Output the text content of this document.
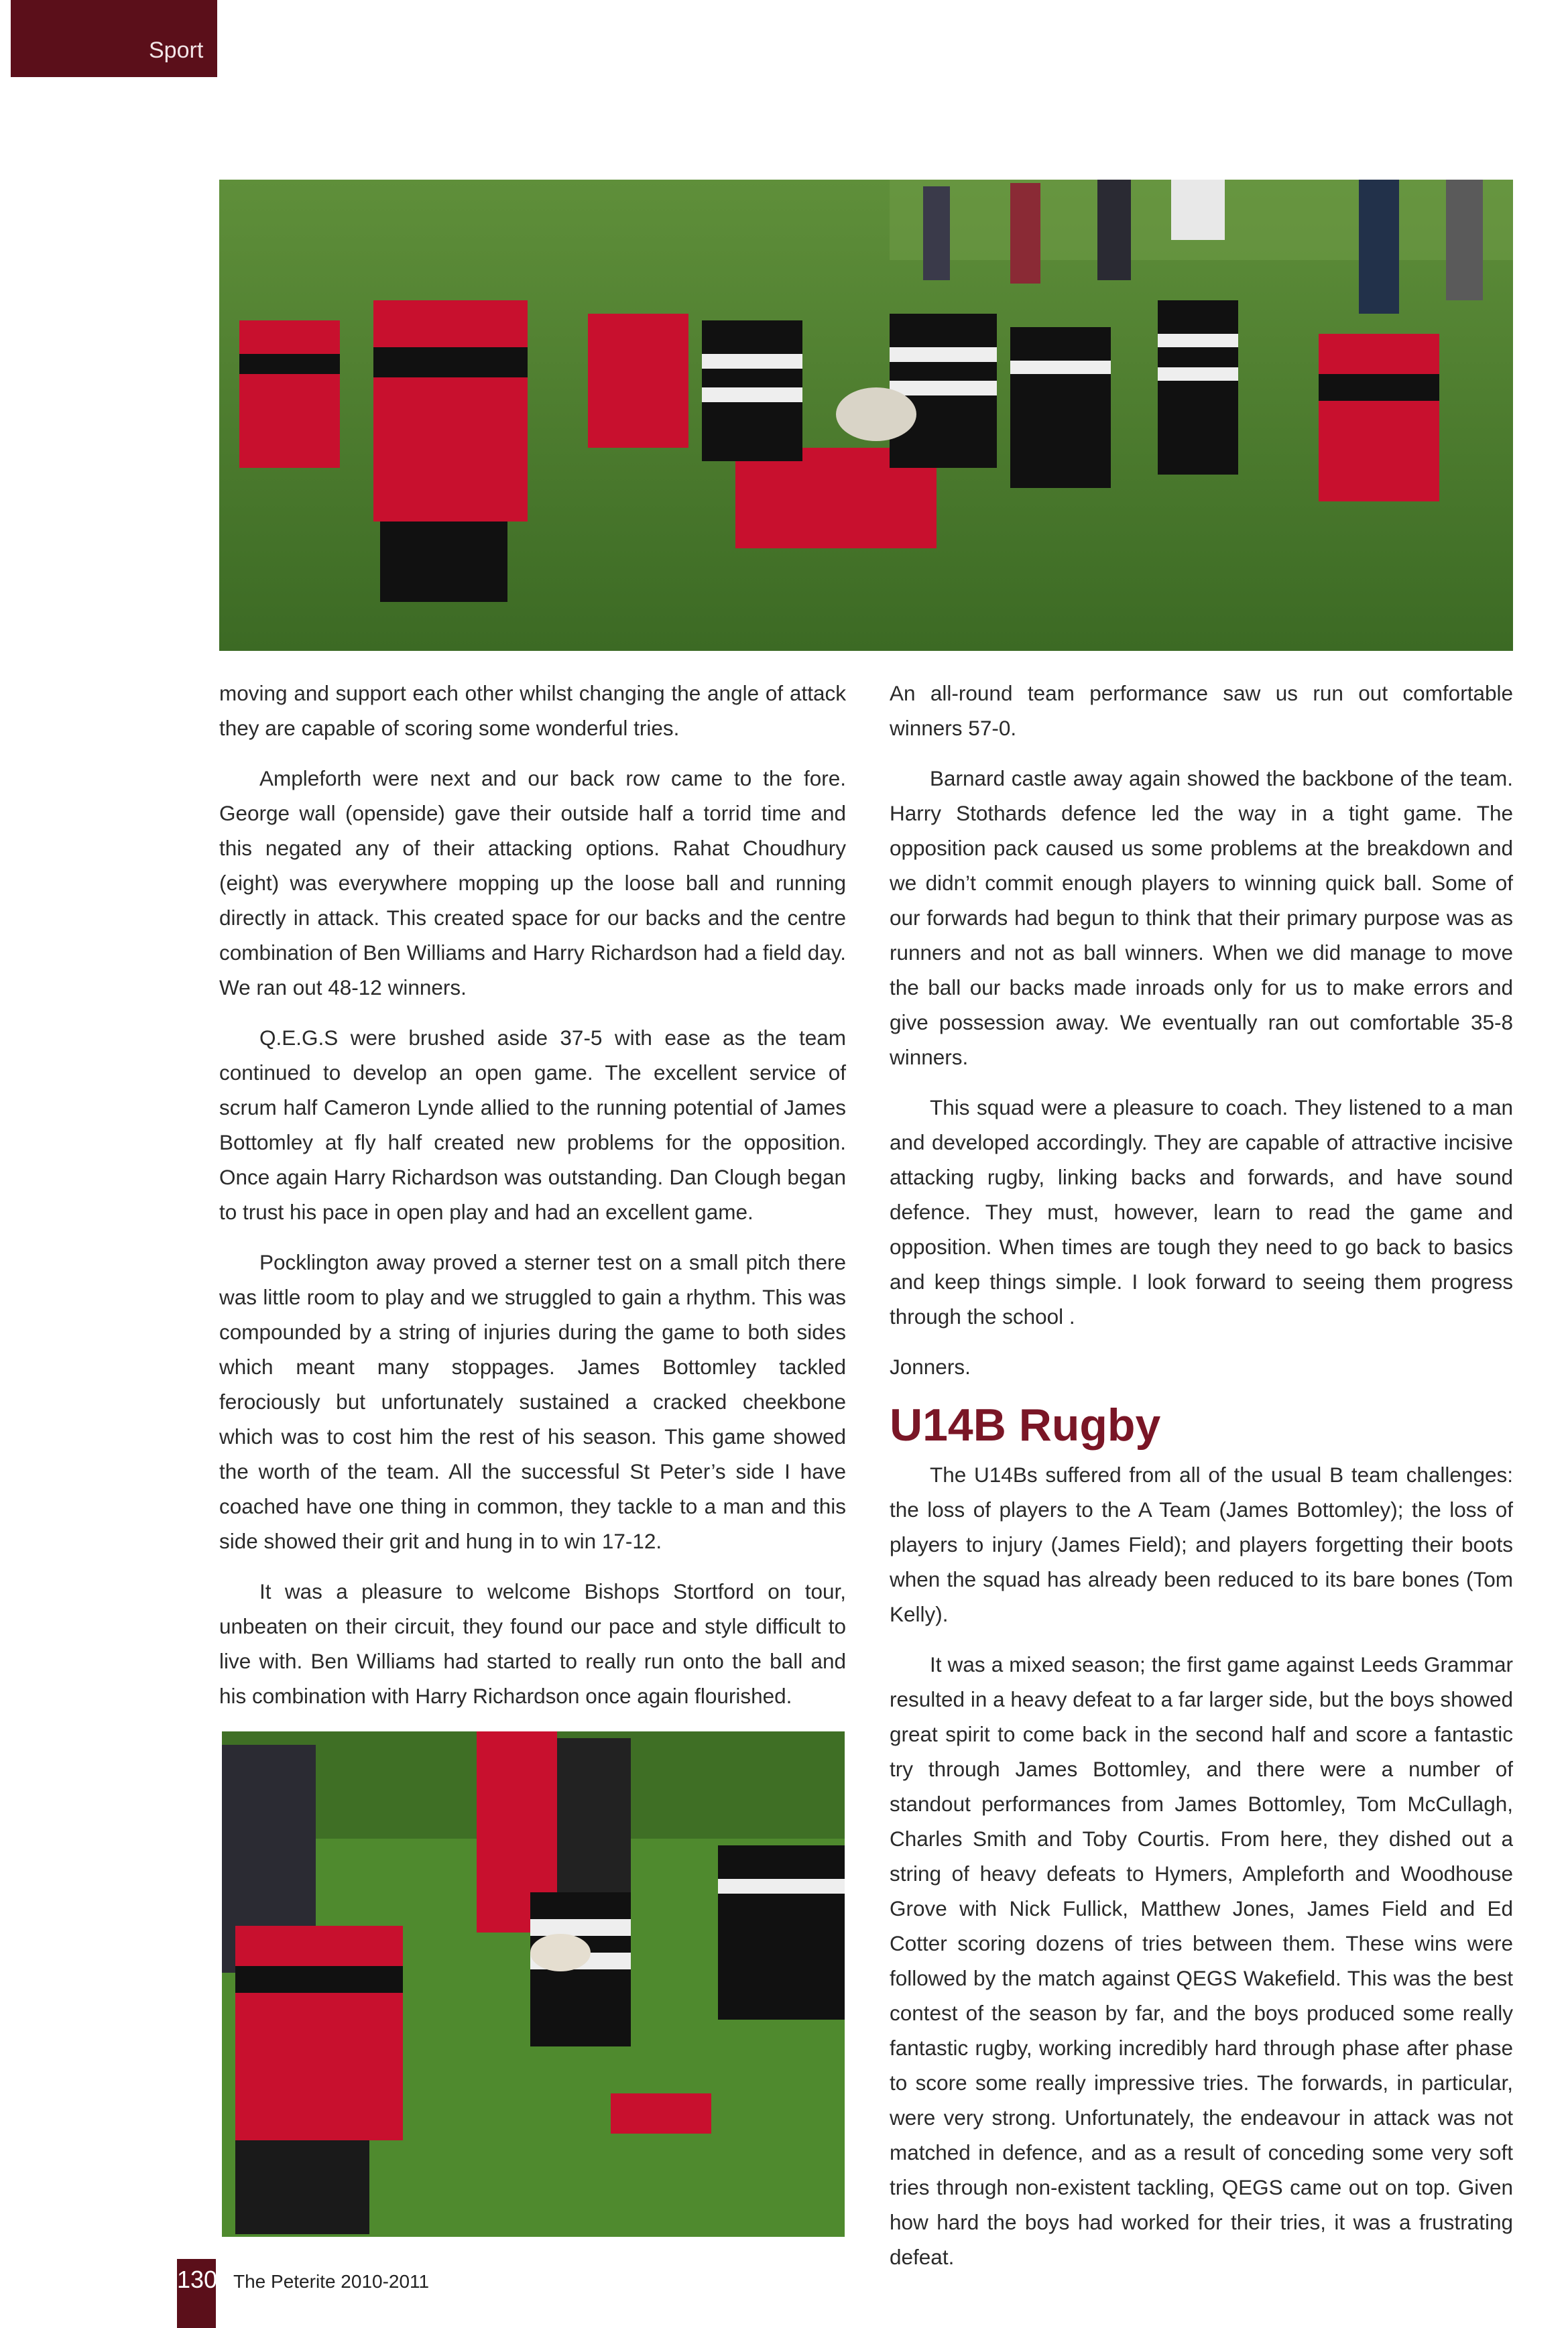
Sport

moving and support each other whilst changing the angle of attack they are capable of scoring some wonderful tries.

Ampleforth were next and our back row came to the fore. George wall (openside) gave their outside half a torrid time and this negated any of their attacking options. Rahat Choudhury (eight) was everywhere mopping up the loose ball and running directly in attack. This created space for our backs and the centre combination of Ben Williams and Harry Richardson had a field day. We ran out 48-12 winners.

Q.E.G.S were brushed aside 37-5 with ease as the team continued to develop an open game. The excellent service of scrum half Cameron Lynde allied to the running potential of James Bottomley at fly half created new problems for the opposition. Once again Harry Richardson was outstanding. Dan Clough began to trust his pace in open play and had an excellent game.

Pocklington away proved a sterner test on a small pitch there was little room to play and we struggled to gain a rhythm. This was compounded by a string of injuries during the game to both sides which meant many stoppages. James Bottomley tackled ferociously but unfortunately sustained a cracked cheekbone which was to cost him the rest of his season. This game showed the worth of the team. All the successful St Peter’s side I have coached have one thing in common, they tackle to a man and this side showed their grit and hung in to win 17-12.

It was a pleasure to welcome Bishops Stortford on tour, unbeaten on their circuit, they found our pace and style difficult to live with. Ben Williams had started to really run onto the ball and his combination with Harry Richardson once again flourished.

An all-round team performance saw us run out comfortable winners 57-0.

Barnard castle away again showed the backbone of the team. Harry Stothards defence led the way in a tight game. The opposition pack caused us some problems at the breakdown and we didn’t commit enough players to winning quick ball. Some of our forwards had begun to think that their primary purpose was as runners and not as ball winners. When we did manage to move the ball our backs made inroads only for us to make errors and give possession away. We eventually ran out comfortable 35-8 winners.

This squad were a pleasure to coach. They listened to a man and developed accordingly. They are capable of attractive incisive attacking rugby, linking backs and forwards, and have sound defence. They must, however, learn to read the game and opposition. When times are tough they need to go back to basics and keep things simple. I look forward to seeing them progress through the school .

Jonners.

U14B Rugby

The U14Bs suffered from all of the usual B team challenges: the loss of players to the A Team (James Bottomley); the loss of players to injury (James Field); and players forgetting their boots when the squad has already been reduced to its bare bones (Tom Kelly).

It was a mixed season; the first game against Leeds Grammar resulted in a heavy defeat to a far larger side, but the boys showed great spirit to come back in the second half and score a fantastic try through James Bottomley, and there were a number of standout performances from James Bottomley, Tom McCullagh, Charles Smith and Toby Courtis. From here, they dished out a string of heavy defeats to Hymers, Ampleforth and Woodhouse Grove with Nick Fullick, Matthew Jones, James Field and Ed Cotter scoring dozens of tries between them. These wins were followed by the match against QEGS Wakefield. This was the best contest of the season by far, and the boys produced some really fantastic rugby, working incredibly hard through phase after phase to score some really impressive tries. The forwards, in particular, were very strong. Unfortunately, the endeavour in attack was not matched in defence, and as a result of conceding some very soft tries through non-existent tackling, QEGS came out on top. Given how hard the boys had worked for their tries, it was a frustrating defeat.

130 The Peterite 2010-2011
